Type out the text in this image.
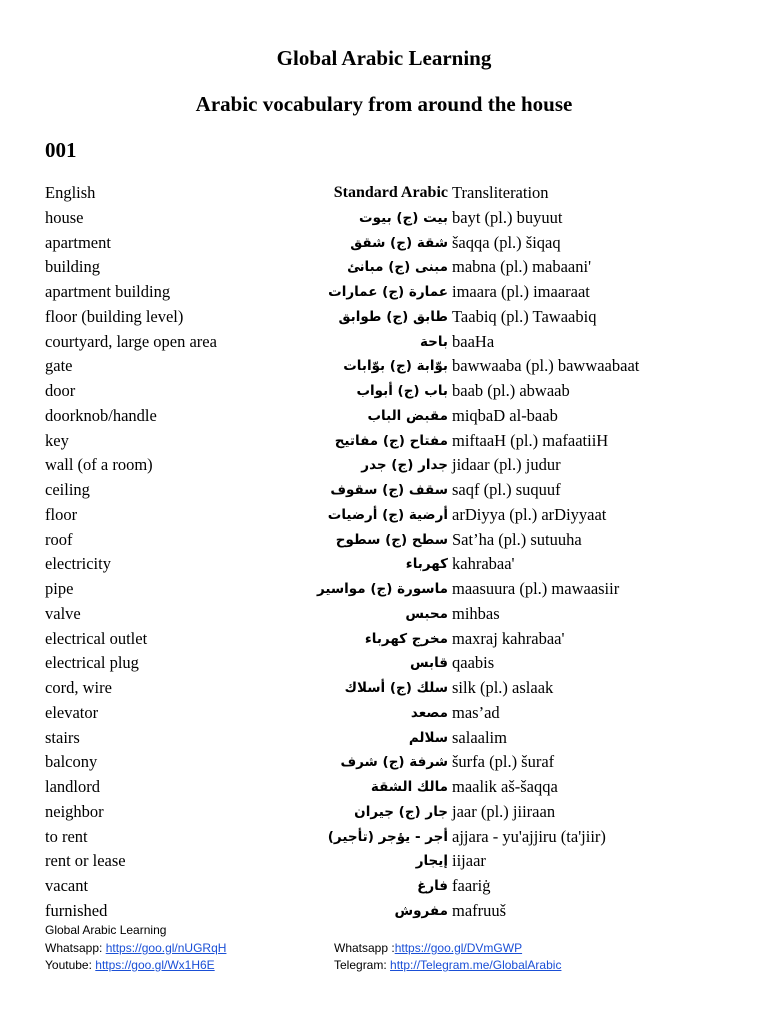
Global Arabic Learning
Arabic vocabulary from around the house
001
English	Standard Arabic Transliteration
house	بيت (ج) بيوت bayt (pl.) buyuut
apartment	شقة (ج) شقق šaqqa (pl.) šiqaq
building	مبنى (ج) مبانئ mabna (pl.) mabaani'
apartment building	عمارة (ج) عمارات imaara (pl.) imaaraat
floor (building level)	طابق (ج) طوابق Taabiq (pl.) Tawaabiq
courtyard, large open area	باحة baaHa
gate	بوّابة (ج) بوّابات bawwaaba (pl.) bawwaabaat
door	باب (ج) أبواب baab (pl.) abwaab
doorknob/handle	مقبض الباب miqbaD al-baab
key	مفتاح (ج) مفاتيح miftaaH (pl.) mafaatiiH
wall (of a room)	جدار (ج) جدر jidaar (pl.) judur
ceiling	سقف (ج) سقوف saqf (pl.) suquuf
floor	أرضية (ج) أرضيات arDiyya (pl.) arDiyyaat
roof	سطح (ج) سطوح Sat’ha (pl.) sutuuha
electricity	كهرباء kahrabaa'
pipe	ماسورة (ج) مواسير maasuura (pl.) mawaasiir
valve	محبس mihbas
electrical outlet	مخرج كهرباء maxraj kahrabaa'
electrical plug	قابس qaabis
cord, wire	سلك (ج) أسلاك silk (pl.) aslaak
elevator	مصعد mas’ad
stairs	سلالم salaalim
balcony	شرفة (ج) شرف šurfa (pl.) šuraf
landlord	مالك الشقة maalik aš-šaqqa
neighbor	جار (ج) جيران jaar (pl.) jiiraan
to rent	أجر - يؤجر (تأجير) ajjara - yu'ajjiru (ta'jiir)
rent or lease	إيجار iijaar
vacant	فارغ faariġ
furnished	مفروش mafruuš
Global Arabic Learning
Whatsapp: https://goo.gl/nUGRqH	Whatsapp :https://goo.gl/DVmGWP
Youtube: https://goo.gl/Wx1H6E	Telegram: http://Telegram.me/GlobalArabic
